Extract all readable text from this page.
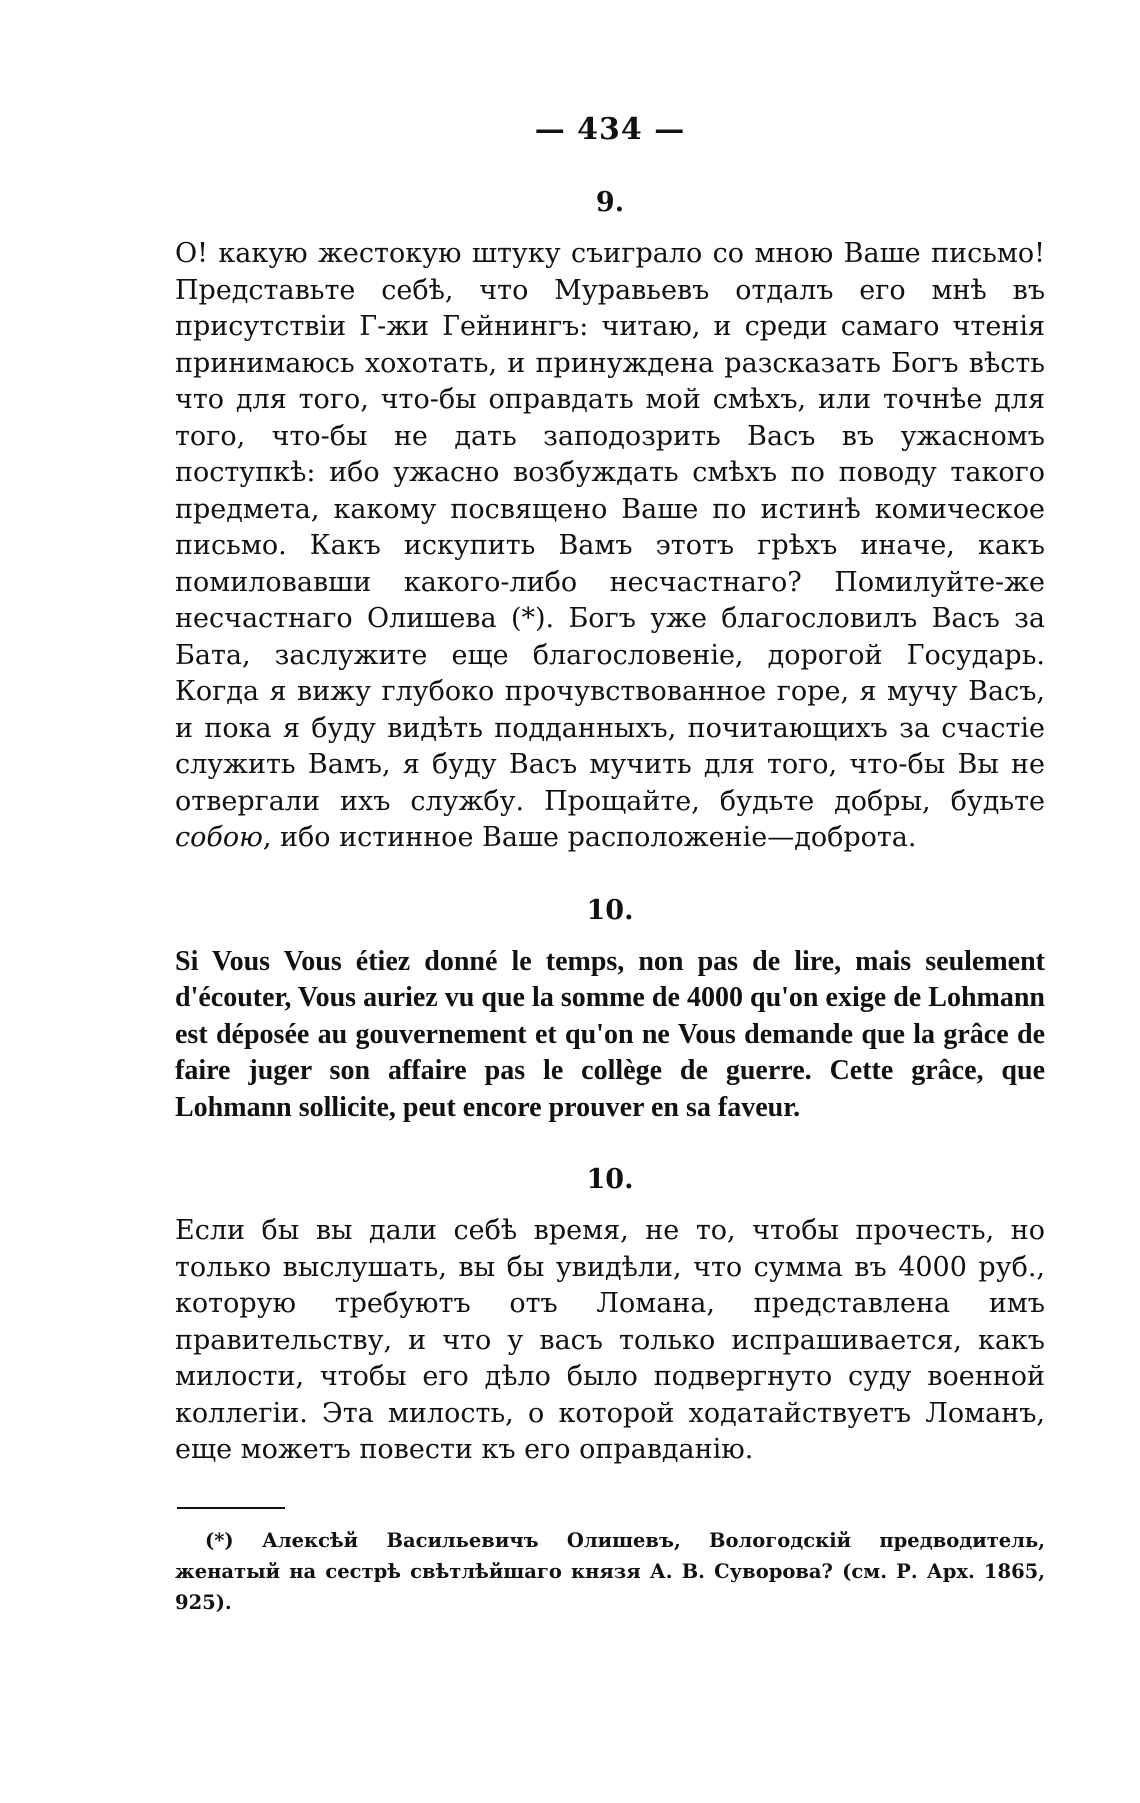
— 434 —
9.

О! какую жестокую штуку съиграло со мною Ваше письмо! Представьте себѣ, что Муравьевъ отдалъ его мнѣ въ присутствіи Г-жи Гейнингъ: читаю, и среди самаго чтенія принимаюсь хохотать, и принуждена разсказать Богъ вѣсть что для того, что-бы оправдать мой смѣхъ, или точнѣе для того, что-бы не дать заподозрить Васъ въ ужасномъ поступкѣ: ибо ужасно возбуждать смѣхъ по поводу такого предмета, какому посвящено Ваше по истинѣ комическое письмо. Какъ искупить Вамъ этотъ грѣхъ иначе, какъ помиловавши какого-либо несчастнаго? Помилуйте-же несчастнаго Олишева (*). Богъ уже благословилъ Васъ за Бата, заслужите еще благословеніе, дорогой Государь. Когда я вижу глубоко прочувствованное горе, я мучу Васъ, и пока я буду видѣть подданныхъ, почитающихъ за счастіе служить Вамъ, я буду Васъ мучить для того, что-бы Вы не отвергали ихъ службу. Прощайте, будьте добры, будьте собою, ибо истинное Ваше расположеніе—доброта.

10.

Si Vous Vous étiez donné le temps, non pas de lire, mais seulement d'écouter, Vous auriez vu que la somme de 4000 qu'on exige de Lohmann est déposée au gouvernement et qu'on ne Vous demande que la grâce de faire juger son affaire pas le collège de guerre. Cette grâce, que Lohmann sollicite, peut encore prouver en sa faveur.

10.

Если бы вы дали себѣ время, не то, чтобы прочесть, но только выслушать, вы бы увидѣли, что сумма въ 4000 руб., которую требуютъ отъ Ломана, представлена имъ правительству, и что у васъ только испрашивается, какъ милости, чтобы его дѣло было подвергнуто суду военной коллегіи. Эта милость, о которой ходатайствуетъ Ломанъ, еще можетъ повести къ его оправданію.

(*) Алексѣй Васильевичъ Олишевъ, Вологодскій предводитель, женатый на сестрѣ свѣтлѣйшаго князя А. В. Суворова? (см. Р. Арх. 1865, 925).
